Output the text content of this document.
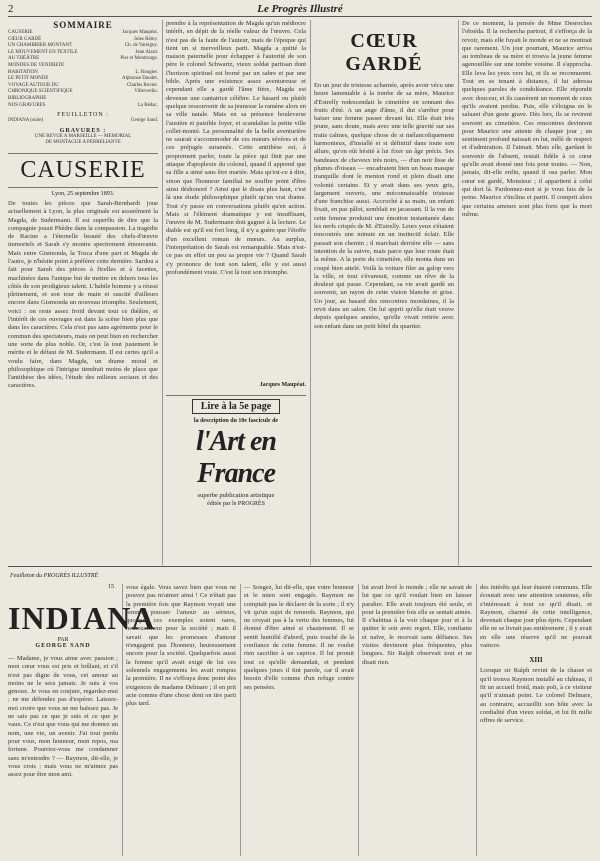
2	Le Progrès Illustré
SOMMAIRE
CAUSERIE	Jacques Maupéat.
CŒUR GARDÉ	Jules Rémy.
UN CHAMBRIER MONTANT	Ch. de Vareigny.
LE MOUVEMENT EN TEXTILE	Jean Alard.
AU THÉÂTRE	Pier et Montrouge.
MONDES DE VENDREDI
HABITATION	L. Rougier.
LE PETIT MONDE	Alphonse Daudet.
VOYAGE AUTOUR DU	Charles Buvier.
CHRONIQUE SCIENTIFIQUE	Villeverdio.
BIBLIOGRAPHIE
NOS GRAVURES	La Rédac.
FEUILLETON :
INDIANA (suite)	George Sand.
GRAVURES :
UNE REVUE A MARSEILLE — MEMORIAL
DE MONTAGUE A PERRELIANTE
CAUSERIE
Lyon, 25 septembre 1893.
De toutes les pièces que Sarah-Bernhardt joue actuellement à Lyon, la plus originale est assurément la Magda, de Sudermann. Il est superflu de dire que la compagnie jouait Phèdre dans la compassion. La tragédie de Racine a l'éternelle beauté des chefs-d'œuvre immortels et Sarah s'y montre spectrement émouvante. Mais entre Gismonda, la Tosca d'une part et Magda de l'autre, je n'hésite point à préférer cette dernière. Sardou a fait pour Sarah des pièces à ficelles et à facettes, machinées dans l'unique but de mettre en dehors tous les côtés de son prodigieux talent. L'habile homme y a réussi pleinement, et son tour de main et suscité d'ailleurs encore dans Gismonda un nouveau triomphe. Seulement, voici : on reste assez froid devant tout ce théâtre, et l'intérêt de ces ouvrages est dans la scène bien plus que dans les caractères. Cela n'est pas sans agréments pour le commun des spectateurs, mais on peut bien en rechercher une sorte de plus noble. Or, c'est là tout justement le mérite et le défaut de M. Sudermann. Il est certes qu'il a voulu faire, dans Magda, un drame moral et philosophique où l'intrigue tiendrait moins de place que l'antithèse des idées, l'étude des milieux sociaux et des caractères.
prendre à la représentation de Magda qu'un médiocre intérêt, en dépit de la réelle valeur de l'œuvre. Cela n'est pas de la faute de l'auteur, mais de l'époque qui tient un si merveilleux parti. Magda a quitté la maison paternelle pour échapper à l'autorité de son père le colonel Schwartz, vieux soldat partisan dont l'horizon spirituel est borné par un sabre et par une bible. Après une existence assez aventureuse et cependant elle a gardé l'âme fière, Magda est devenue une cantatrice célèbre. Le hasard ou plutôt quelque ressouvenir de sa jeunesse la ramène alors en sa ville natale. Mais en sa présence bouleverse l'austère et paisible foyer, et scandalise la petite ville collet-monté. La personnalité de la belle aventurière ne saurait s'accommoder de ces mœurs sévères et de ces préjugés surannés. Cette antithèse est, à proprement parler, toute la pièce qui finit par une attaque d'apoplexie du colonel, quand il apprend que sa fille a aimé sans être mariée. Mais qu'est-ce à dire, sinon que l'honneur familial ne souffre point d'être ainsi déshonoré ? Ainsi que le disais plus haut, c'est là une étude philosophique plutôt qu'un vrai drame. Tout s'y passe en conversations plutôt qu'en action. Mais si l'élément dramatique y est insuffisant, l'œuvre de M. Sudermann doit gagner à la lecture. Le diable est qu'il est fort long, il n'y a guère que l'étoffe d'un excellent roman de mœurs. Au surplus, l'interprétation de Sarah est remarquable. Mais n'est-ce pas en effet un peu sa propre vie ? Quand Sarah s'y prononce de tout son talent, elle y est aussi profondément vraie. C'est là tout son triomphe.
Jacques Maupéat.
Lire à la 5e page
la description du 10e fascicule de
l'Art en France
superbe publication artistique
éditée par le PROGRÈS
CŒUR GARDÉ
En un jour de tristesse acharnée, après avoir vécu une heure lamentable à la tombe de sa mère, Maurice d'Estrelly redescendait le cimetière en sonnant des fruits d'été. A un ange d'âme, il dut s'arrêter pour baiser une femme passer devant lui. Elle était très jeune, sans doute, mais avec une telle gravité sur ses traits calmes, quelque chose de si mélancoliquement harmonieux, d'installé et si définitif dans toute son allure, qu'on eût hésité à lui fixer un âge précis. Ses bandeaux de cheveux très noirs, — d'un noir lisse de plumes d'oiseau — encadraient bien un beau masque tranquille dont le menton rond et plein disait une volonté certaine. Et y avait dans ses yeux gris, largement ouverts, une méconnaissable tristesse d'une franchise aussi. Accroché à sa main, un enfant fixait, en pas pâlot, semblait en jacassant. Il la vue de cette femme produisit une émotion instantanée dans les nerfs crispés de M. d'Estrelly. Leurs yeux s'étaient rencontrés une minute en un instinctif éclair. Elle passait son chemin ; il marchait derrière elle — sans intention de la suivre, mais parce que leur route était la même. A la porte du cimetière, elle monta dans un coupé bien attelé. Voilà la voiture filer au galop vers la ville, et tout s'évanouit, comme un rêve de la douleur qui passe. Cependant, sa vie avait gardé un souvenir, un rayon de cette vision blanche et grise. Un jour, au hasard des rencontres mondaines, il la revit dans un salon. On lui apprit qu'elle était veuve depuis quelques années, qu'elle vivait retirée avec son enfant dans un petit hôtel du quartier.
De ce moment, la pensée de Mme Desroches l'obséda. Il la rechercha partout, il s'efforça de la revoir, mais elle fuyait le monde et ne se montrait que rarement. Un jour pourtant, Maurice arriva au tombeau de sa mère et trouva la jeune femme agenouillée sur une tombe voisine. Il s'approcha. Elle leva les yeux vers lui, et ils se reconnurent. Tout en se tenant à distance, il lui adressa quelques paroles de condoléance. Elle répondit avec douceur, et ils causèrent un moment de ceux qu'ils avaient perdus. Puis, elle s'éloigna en le saluant d'un geste grave. Dès lors, ils se revirent souvent au cimetière. Ces rencontres devinrent pour Maurice une attente de chaque jour ; un sentiment profond naissait en lui, mêlé de respect et d'admiration. Il l'aimait. Mais elle, gardant le souvenir de l'absent, restait fidèle à ce cœur qu'elle avait donné une fois pour toutes. — Non, jamais, dit-elle enfin, quand il osa parler. Mon cœur est gardé, Monsieur ; il appartient à celui qui dort là. Pardonnez-moi si je vous fais de la peine. Maurice s'inclina et partit. Il comprit alors que certains amours sont plus forts que la mort même.
Feuilleton du PROGRÈS ILLUSTRÉ
15
INDIANA
PAR
GEORGE SAND
— Madame, je vous aime avec passion ; mon cœur vous est pris et brûlant, et s'il n'est pas digne de vous, cet amour au moins ne le sera jamais. Je suis à vos genoux. Je vous en conjure, regardez-moi ; ne me défendez pas d'espérer. Laissez-moi croire que vous ne me haïssez pas. Je ne sais pas ce que je suis et ce que je vaux. Ce n'est que vous qui me donnez un nom, une vie, un avenir. J'ai tout perdu pour vous, mon honneur, mon repos, ma fortune. Pourriez-vous me condamner sans m'entendre ? — Raymon, dit-elle, je vous crois ; mais vous ne m'aimez pas assez pour être mon ami.
vous égale. Vous savez bien que vous ne pouvez pas m'aimer ainsi ! Ce n'était pas la première fois que Raymon voyait une femme pousser l'amour au sérieux, quoique ces exemples soient rares, heureusement pour la société ; mais il savait que les promesses d'amour n'engagent pas l'honneur, heureusement encore pour la société. Quelquefois aussi la femme qu'il avait exigé de lui ces solennels engagements les avait rompus la première. Il ne s'effraya donc point des exigences de madame Delmare ; il en prit acte comme d'une chose dont on tire parti plus tard.
— Songez, lui dit-elle, que votre honneur et le mien sont engagés. Raymon ne comptait pas le déclarer de la sorte ; il n'y vit qu'un sujet de remords. Raymon, qui ne croyait pas à la vertu des femmes, fut étonné d'être aimé si chastement. Il se sentit humilié d'abord, puis touché de la confiance de cette femme. Il ne voulut rien sacrifier à un caprice. Il lui promit tout ce qu'elle demandait, et pendant quelques jours il tint parole, car il avait besoin d'elle comme d'un refuge contre ses pensées.
lui avait livré le monde ; elle ne savait de lui que ce qu'il voulait bien en laisser paraître. Elle avait toujours été seule, et pour la première fois elle se sentait aimée. Il s'habitua à la voir chaque jour et à la quitter le soir avec regret. Elle, confiante et naïve, le recevait sans défiance. Ses visites devinrent plus fréquentes, plus longues. Sir Ralph observait tout et ne disait rien.
des intérêts qui leur étaient communs. Elle écoutait avec une attention soutenue, elle s'intéressait à tout ce qu'il disait, et Raymon, charmé de cette intelligence, devenait chaque jour plus épris. Cependant elle ne se livrait pas entièrement ; il y avait en elle une réserve qu'il ne pouvait vaincre.
XIII
Lorsque sir Ralph revint de la chasse et qu'il trouva Raymon installé au château, il fit un accueil froid, mais poli, à ce visiteur qu'il n'aimait point. Le colonel Delmare, au contraire, accueillit son hôte avec la cordialité d'un vieux soldat, et lui fit mille offres de service.
